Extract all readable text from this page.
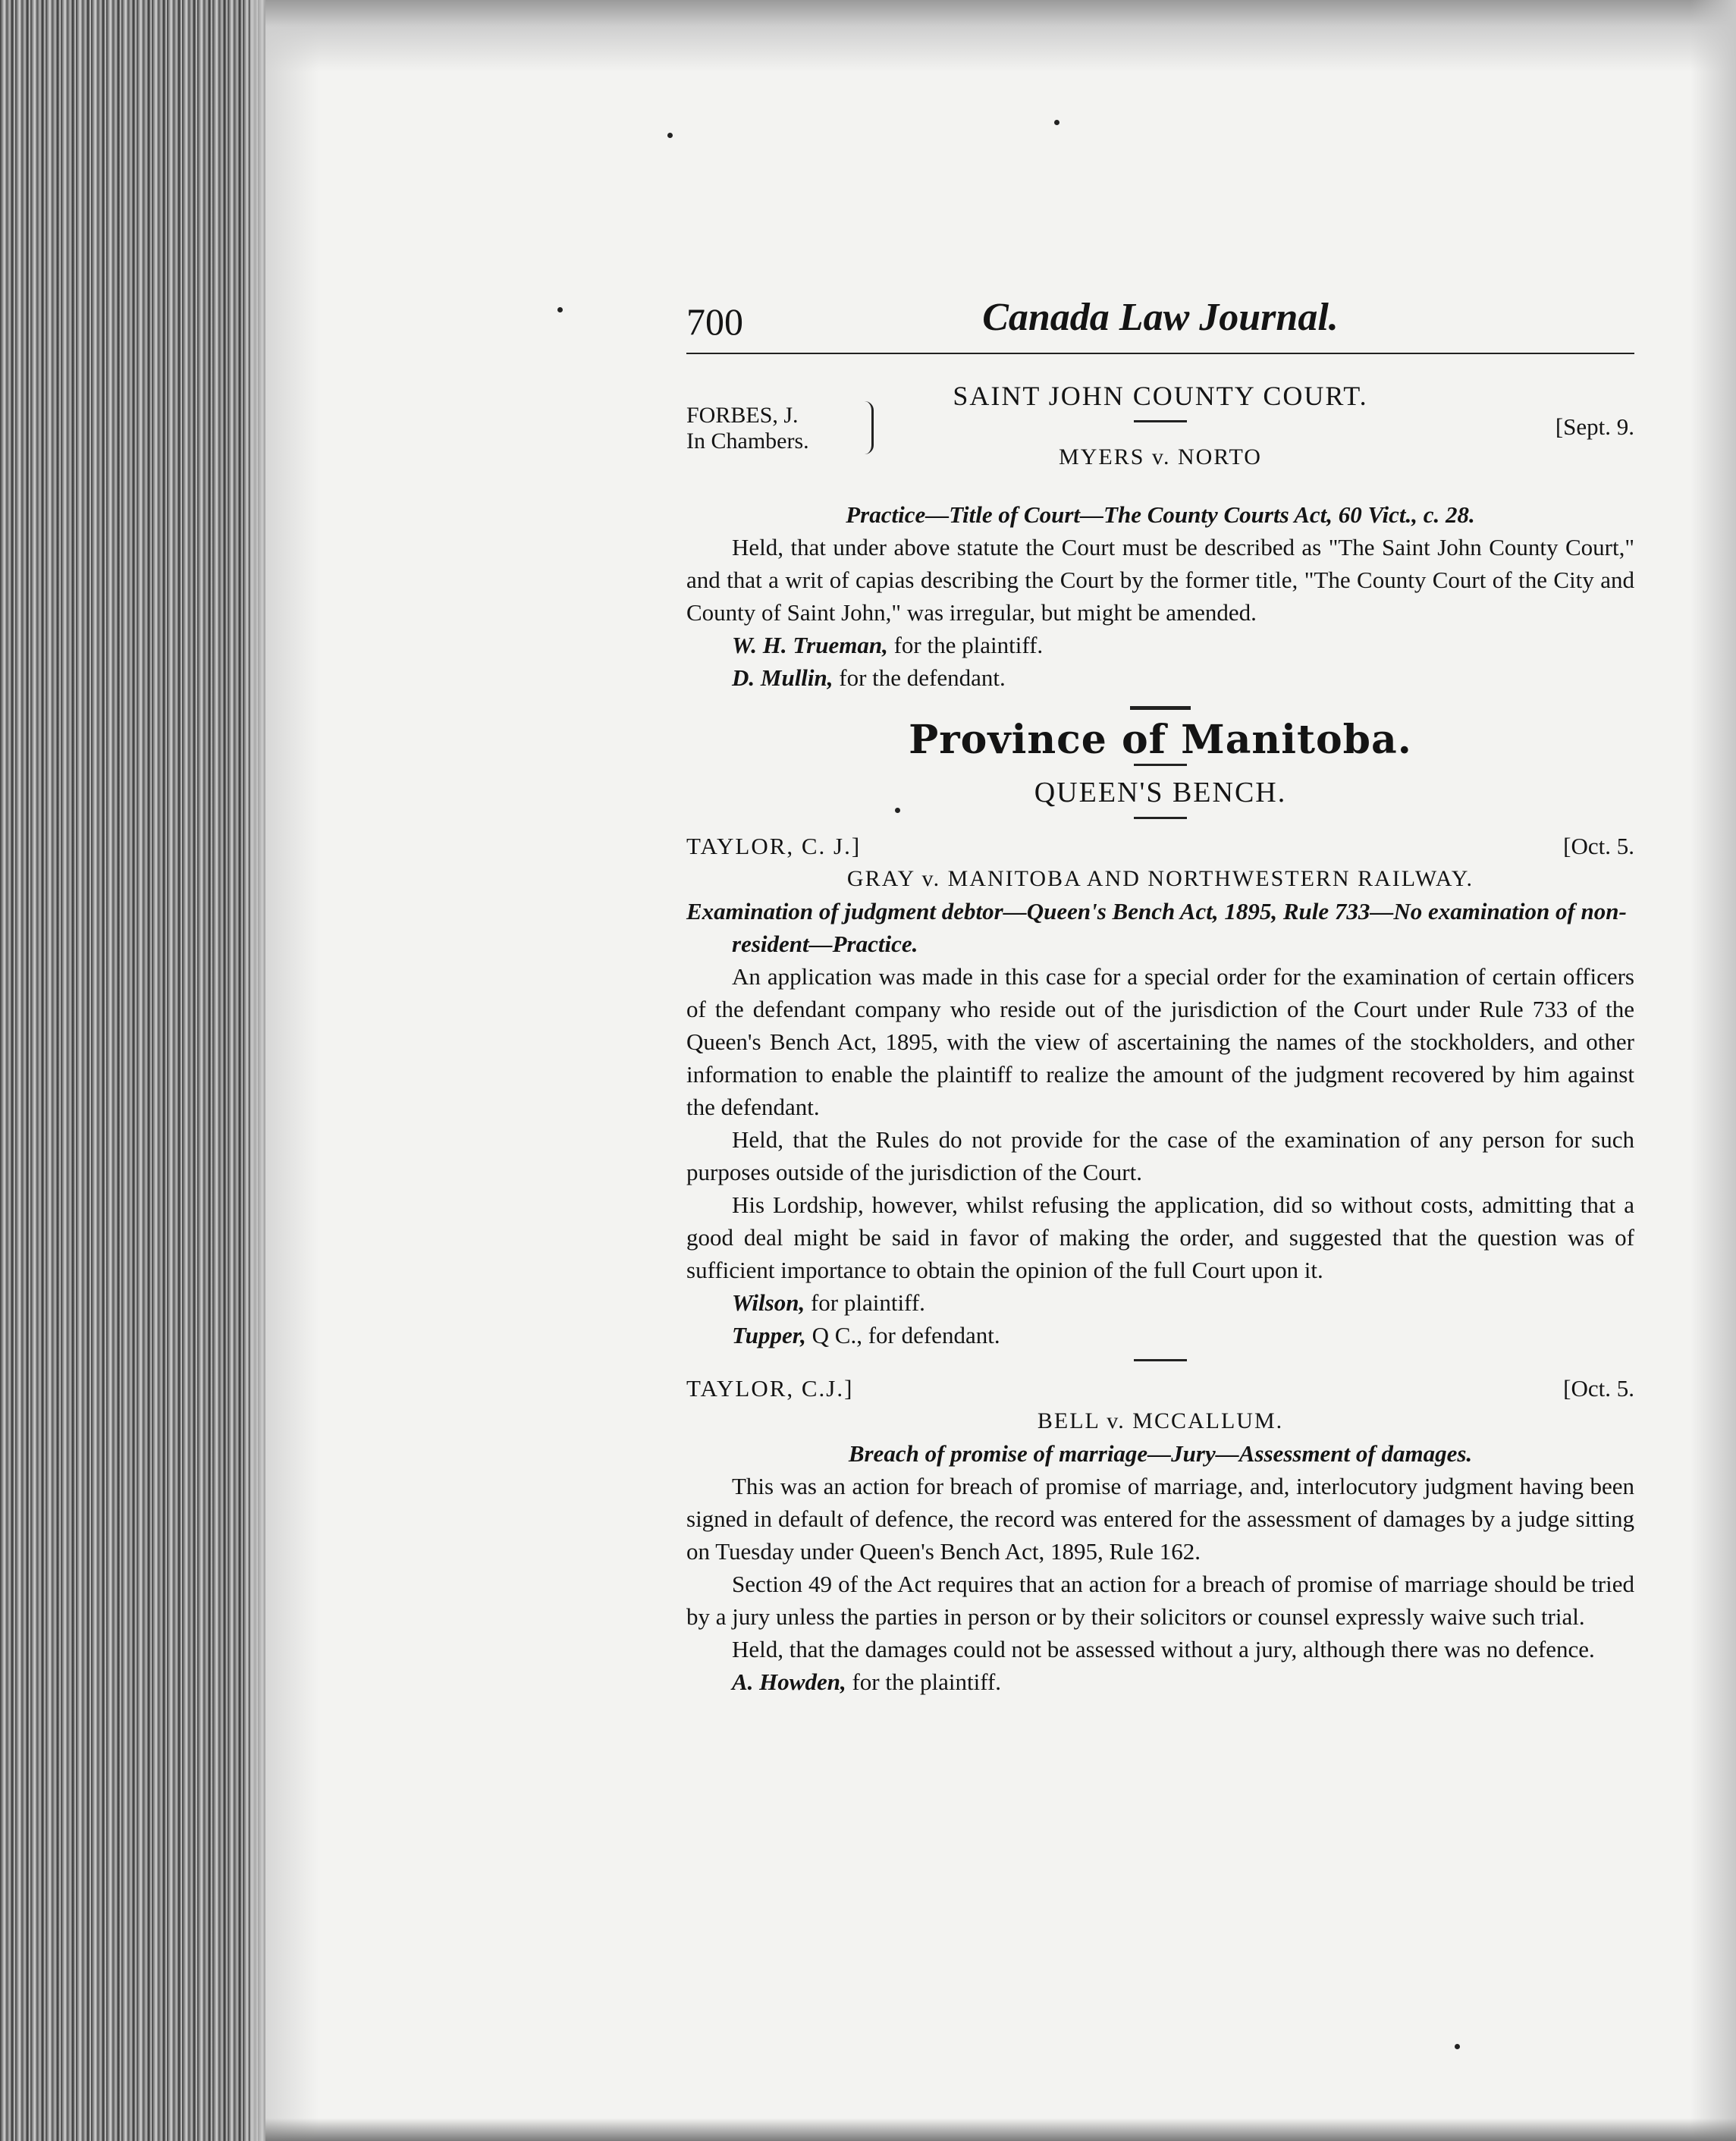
700	Canada Law Journal.
SAINT JOHN COUNTY COURT.
FORBES, J.
In Chambers.
[Sept. 9.
MYERS v. NORTO
Practice—Title of Court—The County Courts Act, 60 Vict., c. 28.

Held, that under above statute the Court must be described as "The Saint John County Court," and that a writ of capias describing the Court by the former title, "The County Court of the City and County of Saint John," was irregular, but might be amended.

W. H. Trueman, for the plaintiff.

D. Mullin, for the defendant.

Province of Manitoba.
QUEEN'S BENCH.
TAYLOR, C. J.]	[Oct. 5.
GRAY v. MANITOBA AND NORTHWESTERN RAILWAY.
Examination of judgment debtor—Queen's Bench Act, 1895, Rule 733—No examination of non-resident—Practice.

An application was made in this case for a special order for the examination of certain officers of the defendant company who reside out of the jurisdiction of the Court under Rule 733 of the Queen's Bench Act, 1895, with the view of ascertaining the names of the stockholders, and other information to enable the plaintiff to realize the amount of the judgment recovered by him against the defendant.

Held, that the Rules do not provide for the case of the examination of any person for such purposes outside of the jurisdiction of the Court.

His Lordship, however, whilst refusing the application, did so without costs, admitting that a good deal might be said in favor of making the order, and suggested that the question was of sufficient importance to obtain the opinion of the full Court upon it.

Wilson, for plaintiff.

Tupper, Q C., for defendant.

TAYLOR, C.J.]	[Oct. 5.
BELL v. MCCALLUM.
Breach of promise of marriage—Jury—Assessment of damages.

This was an action for breach of promise of marriage, and, interlocutory judgment having been signed in default of defence, the record was entered for the assessment of damages by a judge sitting on Tuesday under Queen's Bench Act, 1895, Rule 162.

Section 49 of the Act requires that an action for a breach of promise of marriage should be tried by a jury unless the parties in person or by their solicitors or counsel expressly waive such trial.

Held, that the damages could not be assessed without a jury, although there was no defence.

A. Howden, for the plaintiff.
